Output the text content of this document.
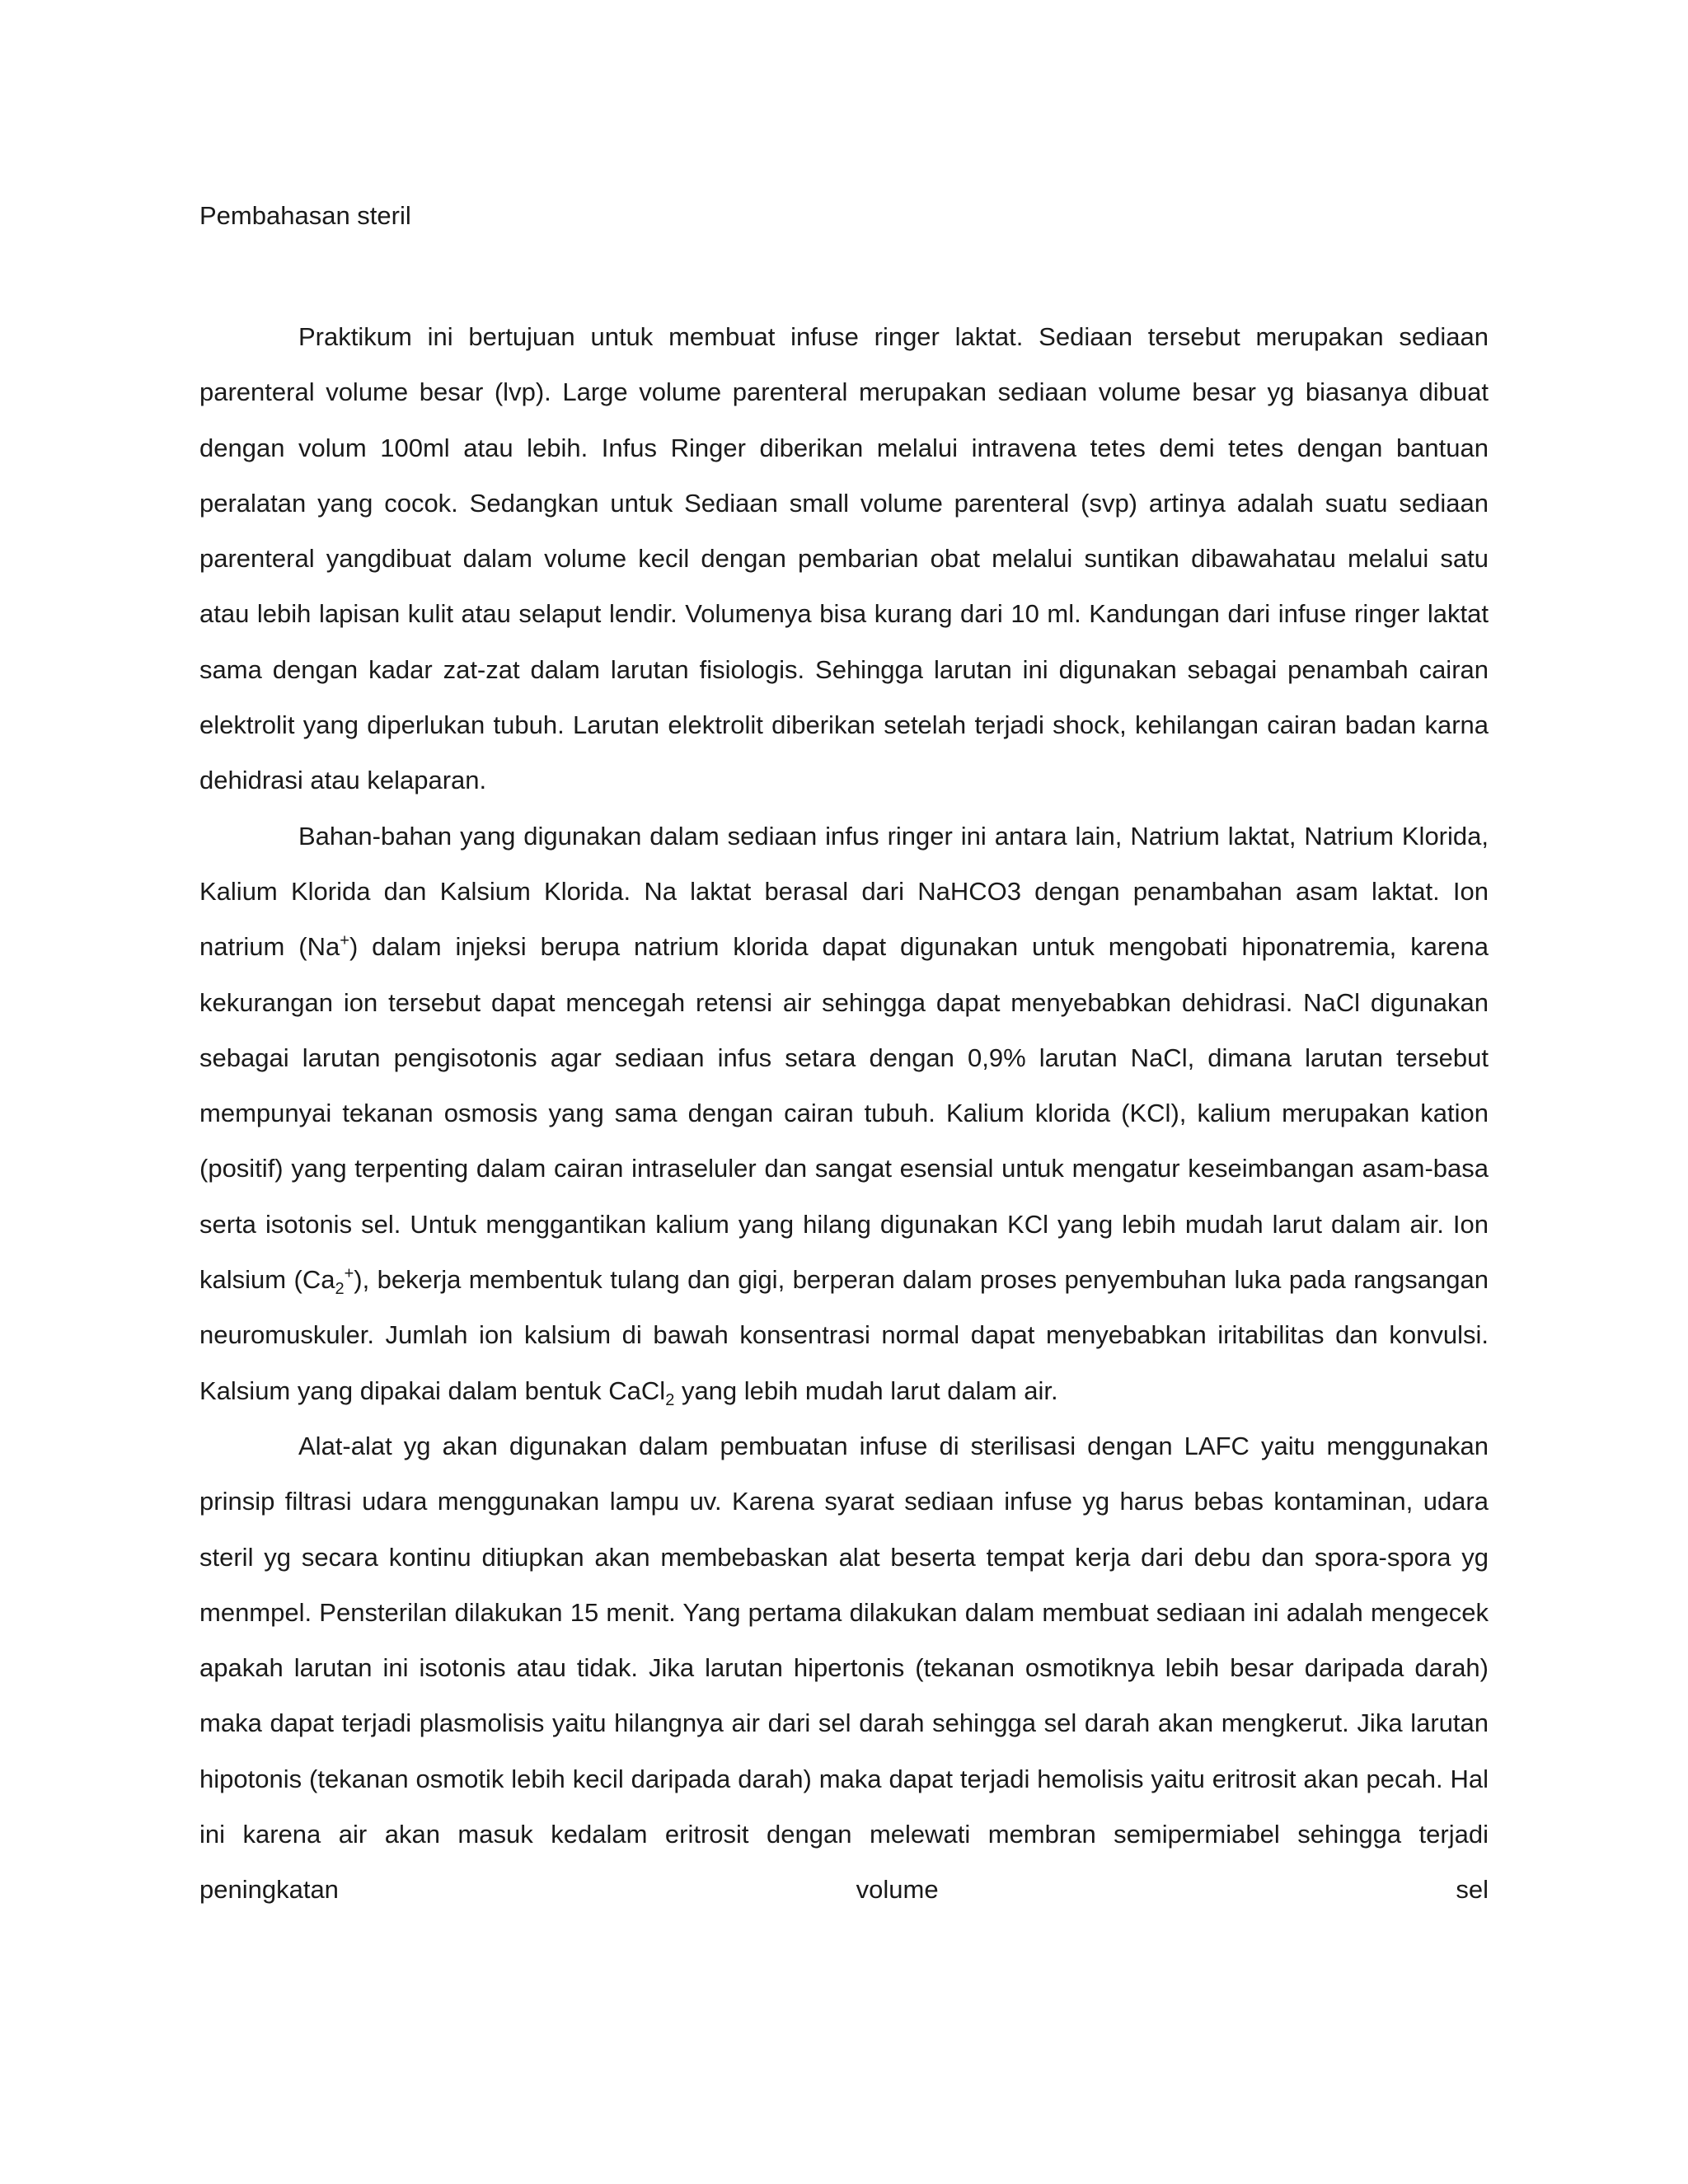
Pembahasan steril

Praktikum ini bertujuan untuk membuat infuse ringer laktat. Sediaan tersebut merupakan sediaan parenteral volume besar (lvp). Large volume parenteral merupakan sediaan volume besar yg biasanya dibuat dengan volum 100ml atau lebih. Infus Ringer diberikan melalui intravena tetes demi tetes dengan bantuan peralatan yang cocok. Sedangkan untuk Sediaan small volume parenteral (svp) artinya adalah suatu sediaan parenteral yangdibuat dalam volume kecil dengan pembarian obat melalui suntikan dibawahatau melalui satu atau lebih lapisan kulit atau selaput lendir. Volumenya bisa kurang dari 10 ml. Kandungan dari infuse ringer laktat sama dengan kadar zat-zat dalam larutan fisiologis. Sehingga larutan ini digunakan sebagai penambah cairan elektrolit yang diperlukan tubuh. Larutan elektrolit diberikan setelah terjadi shock, kehilangan cairan badan karna dehidrasi atau kelaparan.

Bahan-bahan yang digunakan dalam sediaan infus ringer ini antara lain, Natrium laktat, Natrium Klorida, Kalium Klorida dan Kalsium Klorida. Na laktat berasal dari NaHCO3 dengan penambahan asam laktat. Ion natrium (Na+) dalam injeksi berupa natrium klorida dapat digunakan untuk mengobati hiponatremia, karena kekurangan ion tersebut dapat mencegah retensi air sehingga dapat menyebabkan dehidrasi. NaCl digunakan sebagai larutan pengisotonis agar sediaan infus setara dengan 0,9% larutan NaCl, dimana larutan tersebut mempunyai tekanan osmosis yang sama dengan cairan tubuh. Kalium klorida (KCl), kalium merupakan kation (positif) yang terpenting dalam cairan intraseluler dan sangat esensial untuk mengatur keseimbangan asam-basa serta isotonis sel. Untuk menggantikan kalium yang hilang digunakan KCl yang lebih mudah larut dalam air. Ion kalsium $(Ca_2^+)$, bekerja membentuk tulang dan gigi, berperan dalam proses penyembuhan luka pada rangsangan neuromuskuler. Jumlah ion kalsium di bawah konsentrasi normal dapat menyebabkan iritabilitas dan konvulsi. Kalsium yang dipakai dalam bentuk CaCl$_2$ yang lebih mudah larut dalam air.

Alat-alat yg akan digunakan dalam pembuatan infuse di sterilisasi dengan LAFC yaitu menggunakan prinsip filtrasi udara menggunakan lampu uv. Karena syarat sediaan infuse yg harus bebas kontaminan, udara steril yg secara kontinu ditiupkan akan membebaskan alat beserta tempat kerja dari debu dan spora-spora yg menmpel. Pensterilan dilakukan 15 menit. Yang pertama dilakukan dalam membuat sediaan ini adalah mengecek apakah larutan ini isotonis atau tidak. Jika larutan hipertonis (tekanan osmotiknya lebih besar daripada darah) maka dapat terjadi plasmolisis yaitu hilangnya air dari sel darah sehingga sel darah akan mengkerut. Jika larutan hipotonis (tekanan osmotik lebih kecil daripada darah) maka dapat terjadi hemolisis yaitu eritrosit akan pecah. Hal ini karena air akan masuk kedalam eritrosit dengan melewati membran semipermiabel sehingga terjadi peningkatan volume sel
